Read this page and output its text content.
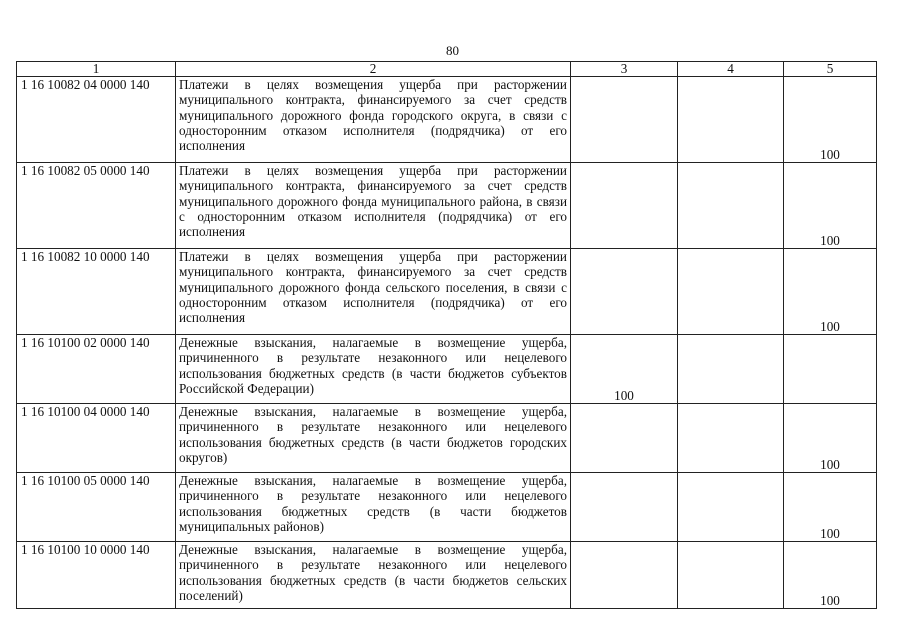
80
1	2	3	4	5
1 16 10082 04 0000 140	Платежи в целях возмещения ущерба при расторжении муниципального контракта, финансируемого за счет средств муниципального дорожного фонда городского округа, в связи с односторонним отказом исполнителя (подрядчика) от его исполнения			100
1 16 10082 05 0000 140	Платежи в целях возмещения ущерба при расторжении муниципального контракта, финансируемого за счет средств муниципального дорожного фонда муниципального района, в связи с односторонним отказом исполнителя (подрядчика) от его исполнения			100
1 16 10082 10 0000 140	Платежи в целях возмещения ущерба при расторжении муниципального контракта, финансируемого за счет средств муниципального дорожного фонда сельского поселения, в связи с односторонним отказом исполнителя (подрядчика) от его исполнения			100
1 16 10100 02 0000 140	Денежные взыскания, налагаемые в возмещение ущерба, причиненного в результате незаконного или нецелевого использования бюджетных средств (в части бюджетов субъектов Российской Федерации)	100		
1 16 10100 04 0000 140	Денежные взыскания, налагаемые в возмещение ущерба, причиненного в результате незаконного или нецелевого использования бюджетных средств (в части бюджетов городских округов)			100
1 16 10100 05 0000 140	Денежные взыскания, налагаемые в возмещение ущерба, причиненного в результате незаконного или нецелевого использования бюджетных средств (в части бюджетов муниципальных районов)			100
1 16 10100 10 0000 140	Денежные взыскания, налагаемые в возмещение ущерба, причиненного в результате незаконного или нецелевого использования бюджетных средств (в части бюджетов сельских поселений)			100
